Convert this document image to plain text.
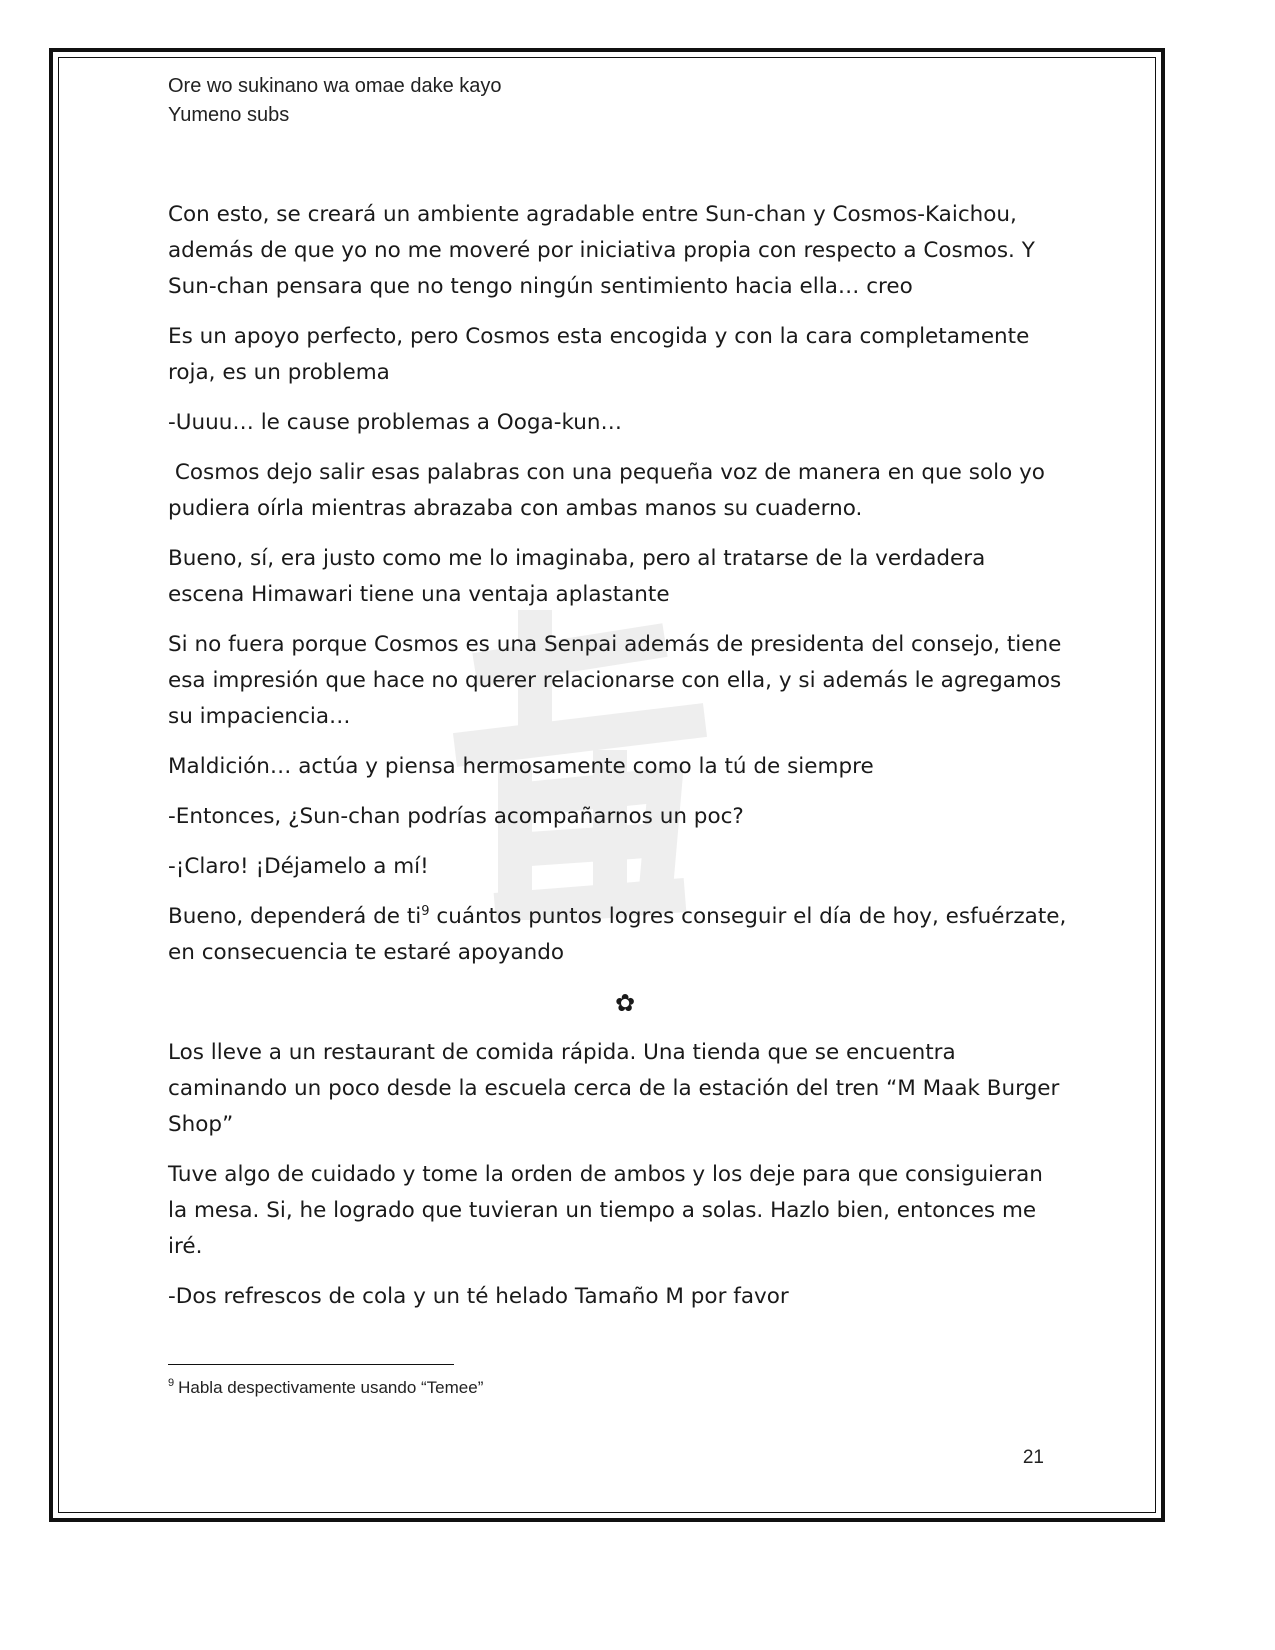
Ore wo sukinano wa omae dake kayo
Yumeno subs

Con esto, se creará un ambiente agradable entre Sun-chan y Cosmos-Kaichou, además de que yo no me moveré por iniciativa propia con respecto a Cosmos. Y Sun-chan pensara que no tengo ningún sentimiento hacia ella… creo

Es un apoyo perfecto, pero Cosmos esta encogida y con la cara completamente roja, es un problema

-Uuuu… le cause problemas a Ooga-kun…

Cosmos dejo salir esas palabras con una pequeña voz de manera en que solo yo pudiera oírla mientras abrazaba con ambas manos su cuaderno.

Bueno, sí, era justo como me lo imaginaba, pero al tratarse de la verdadera escena Himawari tiene una ventaja aplastante

Si no fuera porque Cosmos es una Senpai además de presidenta del consejo, tiene esa impresión que hace no querer relacionarse con ella, y si además le agregamos su impaciencia…

Maldición… actúa y piensa hermosamente como la tú de siempre

-Entonces, ¿Sun-chan podrías acompañarnos un poc?

-¡Claro! ¡Déjamelo a mí!

Bueno, dependerá de ti$^9$ cuántos puntos logres conseguir el día de hoy, esfuérzate, en consecuencia te estaré apoyando

✿

Los lleve a un restaurant de comida rápida. Una tienda que se encuentra caminando un poco desde la escuela cerca de la estación del tren “M Maak Burger Shop”

Tuve algo de cuidado y tome la orden de ambos y los deje para que consiguieran la mesa. Si, he logrado que tuvieran un tiempo a solas. Hazlo bien, entonces me iré.

-Dos refrescos de cola y un té helado Tamaño M por favor

$^9$ Habla despectivamente usando “Temee”
21
